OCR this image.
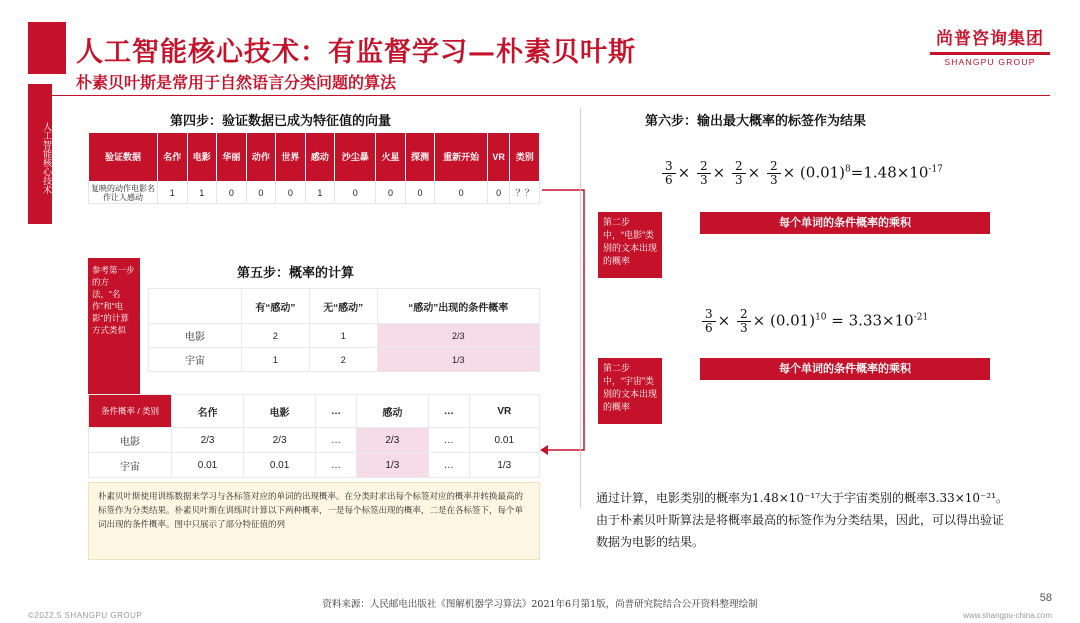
人工智能核心技术
人工智能核心技术：有监督学习—朴素贝叶斯
朴素贝叶斯是常用于自然语言分类问题的算法
尚普咨询集团
SHANGPU GROUP
第四步：验证数据已成为特征值的向量	第六步：输出最大概率的标签作为结果
验证数据	名作	电影	华丽	动作	世界	感动	沙尘暴	火星	探测	重新开始	VR	类别
复映的动作电影名作让人感动	1	1	0	0	0	1	0	0	0	0	0	？？
第五步：概率的计算
参考第一步的方法，“名作”和“电影”的计算方式类似
	有“感动”	无“感动”	“感动”出现的条件概率
电影	2	1	2/3
宇宙	1	2	1/3
条件概率 / 类别	名作	电影	…	感动	…	VR
电影	2/3	2/3	…	2/3	…	0.01
宇宙	0.01	0.01	…	1/3	…	1/3
朴素贝叶斯使用训练数据来学习与各标签对应的单词的出现概率。在分类时求出每个标签对应的概率并转换最高的标签作为分类结果。朴素贝叶斯在训练时计算以下两种概率，一是每个标签出现的概率，二是在各标签下，每个单词出现的条件概率。图中只展示了部分特征值的列
$\frac{3}{6} \times \frac{2}{3} \times \frac{2}{3} \times \frac{2}{3} \times (0.01)^8=1.48\times 10^{-17}$
第二步中，“电影”类别的文本出现的概率
每个单词的条件概率的乘积
$\frac{3}{6} \times \frac{2}{3} \times (0.01)^{10} = 3.33\times 10^{-21}$
第二步中，“宇宙”类别的文本出现的概率
每个单词的条件概率的乘积
通过计算，电影类别的概率为1.48×10⁻¹⁷大于宇宙类别的概率3.33×10⁻²¹。由于朴素贝叶斯算法是将概率最高的标签作为分类结果，因此，可以得出验证数据为电影的结果。
资料来源：人民邮电出版社《图解机器学习算法》2021年6月第1版，尚普研究院结合公开资料整理绘制
58
©2022.5 SHANGPU GROUP	www.shangpu-china.com
